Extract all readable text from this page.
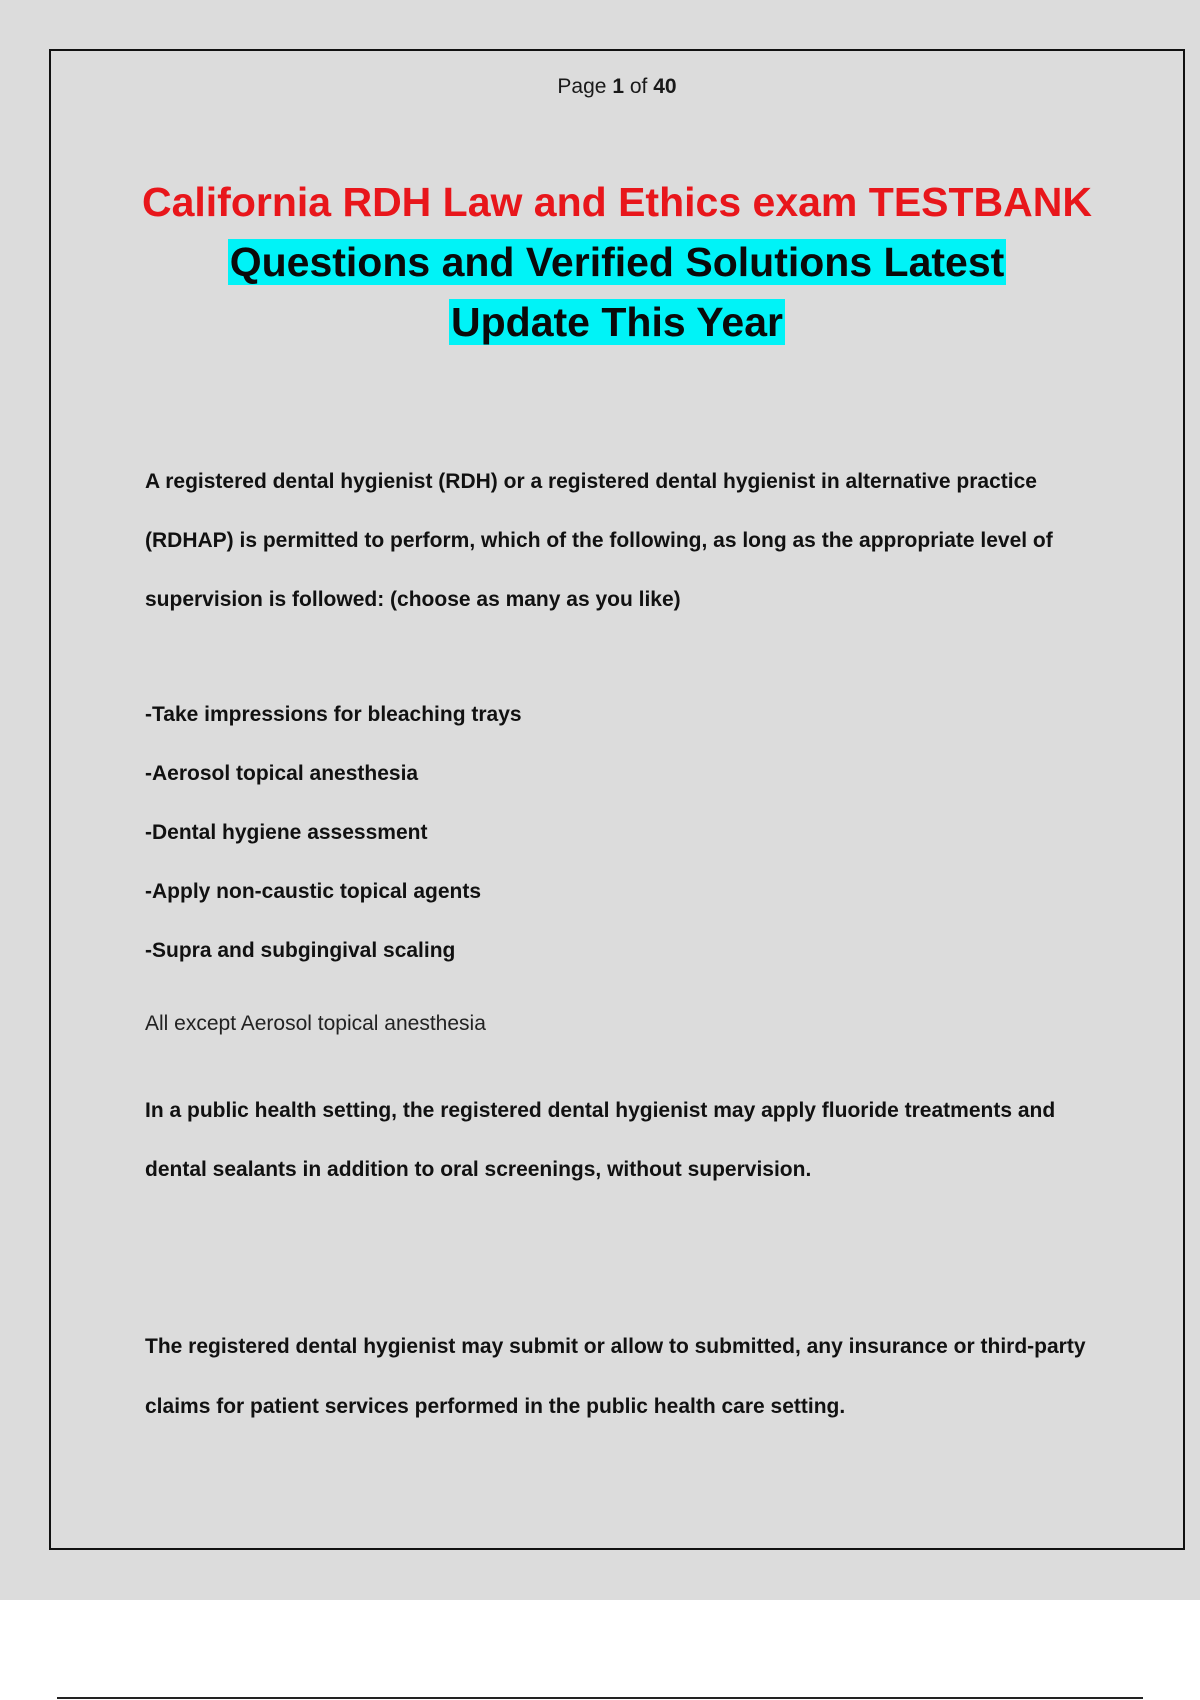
Page 1 of 40
California RDH Law and Ethics exam TESTBANK
Questions and Verified Solutions Latest
Update This Year
A registered dental hygienist (RDH) or a registered dental hygienist in alternative practice (RDHAP) is permitted to perform, which of the following, as long as the appropriate level of supervision is followed: (choose as many as you like)
-Take impressions for bleaching trays
-Aerosol topical anesthesia
-Dental hygiene assessment
-Apply non-caustic topical agents
-Supra and subgingival scaling
All except Aerosol topical anesthesia
In a public health setting, the registered dental hygienist may apply fluoride treatments and dental sealants in addition to oral screenings, without supervision.
The registered dental hygienist may submit or allow to submitted, any insurance or third-party claims for patient services performed in the public health care setting.
